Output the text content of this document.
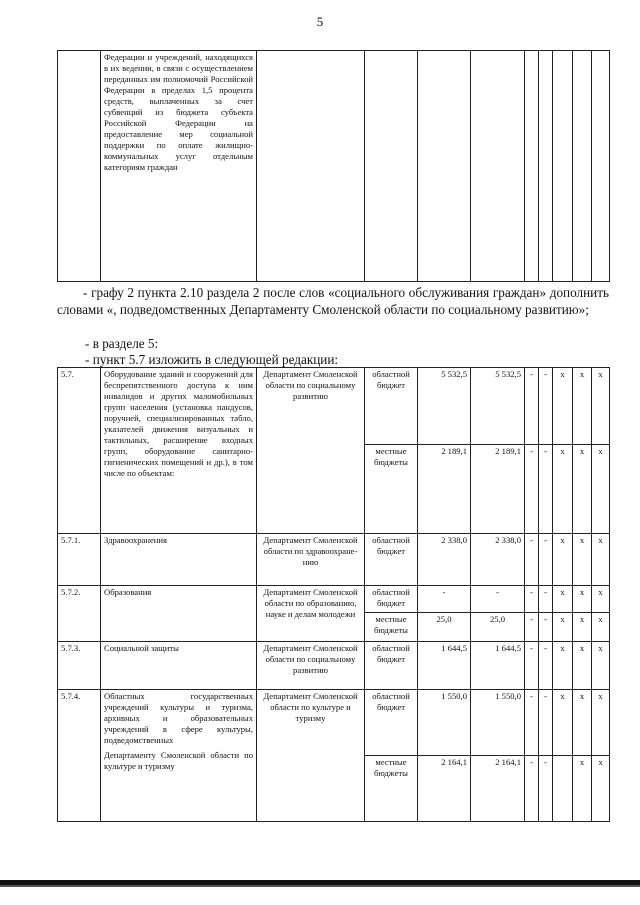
5
	Федерации и учреждений, находящихся в их ведении, в связи с осуществлением переданных им полномочий Российской Федерации в пределах 1,5 процента средств, выплаченных за счет субвенций из бюджета субъекта Российской Федерации на предоставление мер социальной поддержки по оплате жилищно-коммунальных услуг отдельным категориям граждан									
- графу 2 пункта 2.10 раздела 2 после слов «социального обслуживания граждан» дополнить словами «, подведомственных Департаменту Смоленской области по социальному развитию»;
- в разделе 5:
- пункт 5.7 изложить в следующей редакции:
5.7.	Оборудование зданий и сооружений для беспрепятственного доступа к ним инвалидов и других маломобильных групп населения (установка пандусов, поручней, специализированных табло, указателей движения визуальных и тактильных, расширение входных групп, оборудование санитарно-гигиенических помещений и др.), в том числе по объектам:	Департамент Смоленской области по социальному развитию	областной бюджет	5 532,5	5 532,5	-	-	х	х	х
			местные бюджеты	2 189,1	2 189,1	-	-	х	х	х
5.7.1.	Здравоохранения	Департамент Смоленской области по здравоохране-нию	областной бюджет	2 338,0	2 338,0	-	-	х	х	х
5.7.2.	Образования	Департамент Смоленской области по образованию, науке и делам молодежи	областной бюджет	-	-	-	-	х	х	х
			местные бюджеты	25,0	25,0	-	-	х	х	х
5.7.3.	Социальной защиты	Департамент Смоленской области по социальному развитию	областной бюджет	1 644,5	1 644,5	-	-	х	х	х
5.7.4.	Областных государственных учреждений культуры и туризма, архивных и образовательных учреждений в сфере культуры, подведомственных
Департаменту Смоленской области по культуре и туризму	Департамент Смоленской области по культуре и туризму	областной бюджет	1 550,0	1 550,0	-	-	х	х	х
			местные бюджеты	2 164,1	2 164,1	-	-		х	х
